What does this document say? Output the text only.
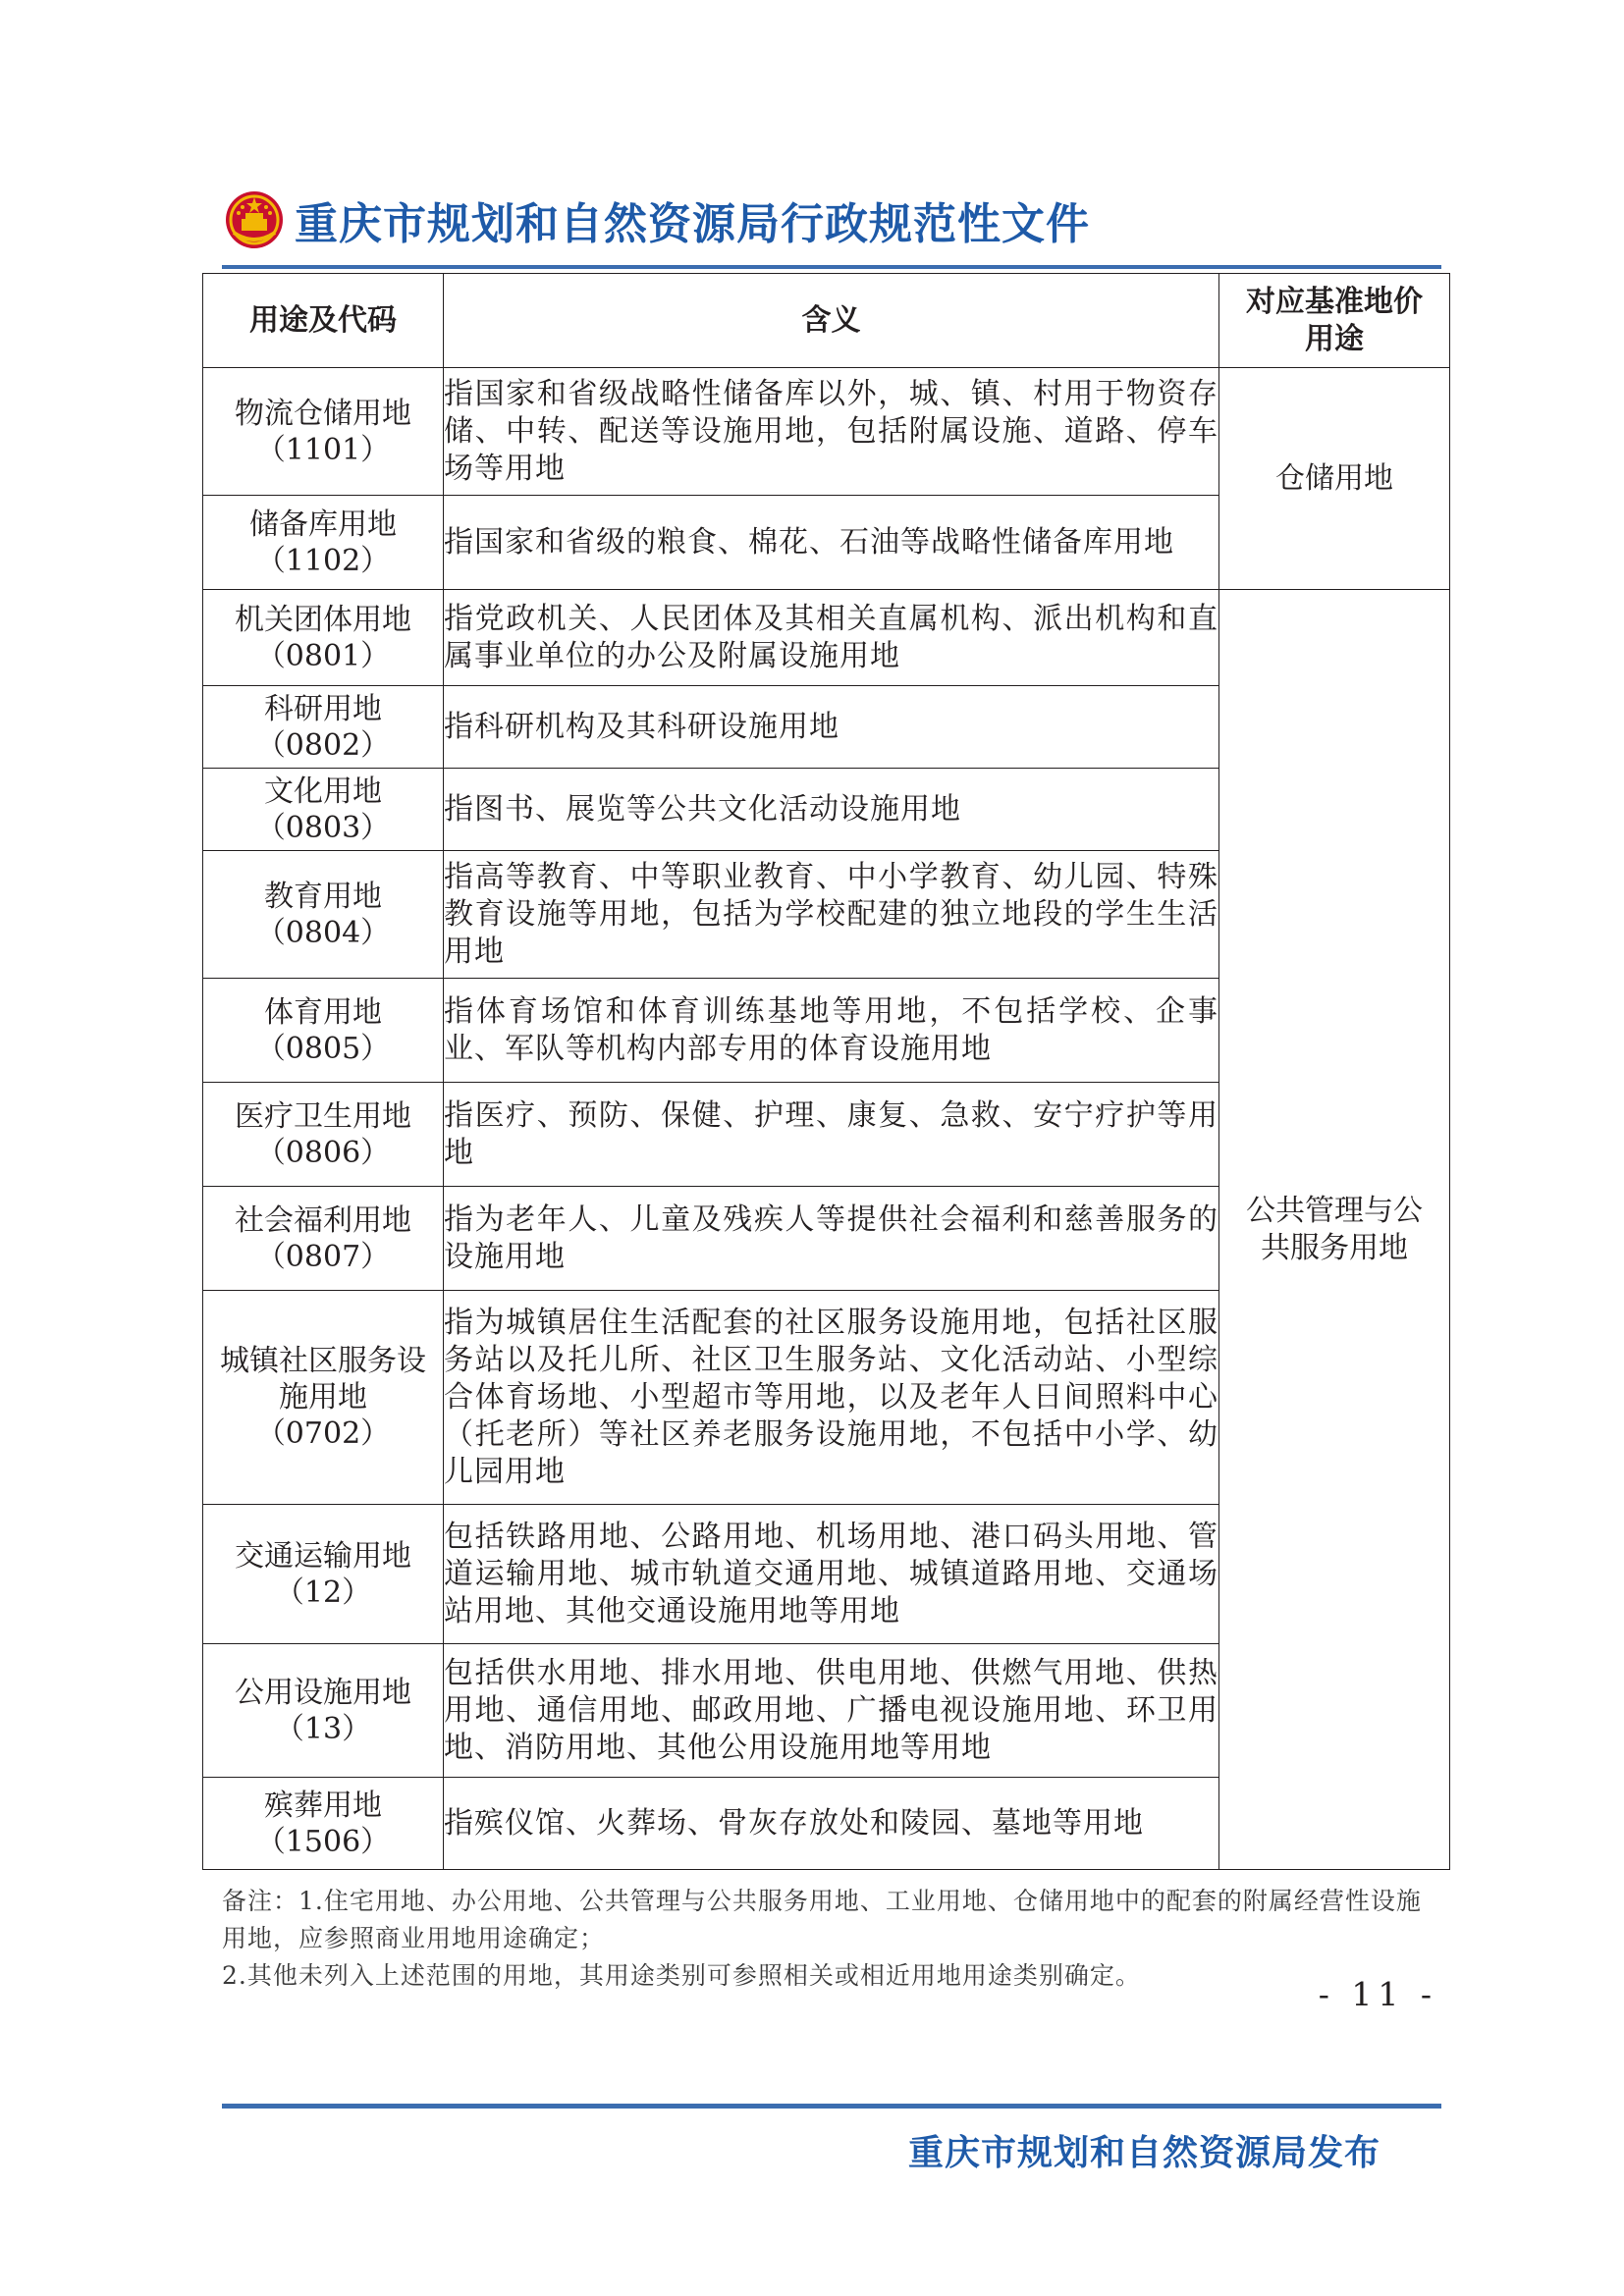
重庆市规划和自然资源局行政规范性文件
用途及代码	含义	对应基准地价用途

物流仓储用地
（1101）	指国家和省级战略性储备库以外，城、镇、村用于物资存储、中转、配送等设施用地，包括附属设施、道路、停车场等用地	仓储用地

储备库用地
（1102）	指国家和省级的粮食、棉花、石油等战略性储备库用地	

机关团体用地
（0801）	指党政机关、人民团体及其相关直属机构、派出机构和直属事业单位的办公及附属设施用地	公共管理与公共服务用地

科研用地
（0802）	指科研机构及其科研设施用地	

文化用地
（0803）	指图书、展览等公共文化活动设施用地	

教育用地
（0804）	指高等教育、中等职业教育、中小学教育、幼儿园、特殊教育设施等用地，包括为学校配建的独立地段的学生生活用地	

体育用地
（0805）	指体育场馆和体育训练基地等用地，不包括学校、企事业、军队等机构内部专用的体育设施用地	

医疗卫生用地
（0806）	指医疗、预防、保健、护理、康复、急救、安宁疗护等用地	

社会福利用地
（0807）	指为老年人、儿童及残疾人等提供社会福利和慈善服务的设施用地	

城镇社区服务设施用地
（0702）	指为城镇居住生活配套的社区服务设施用地，包括社区服务站以及托儿所、社区卫生服务站、文化活动站、小型综合体育场地、小型超市等用地，以及老年人日间照料中心（托老所）等社区养老服务设施用地，不包括中小学、幼儿园用地	

交通运输用地
（12）	包括铁路用地、公路用地、机场用地、港口码头用地、管道运输用地、城市轨道交通用地、城镇道路用地、交通场站用地、其他交通设施用地等用地	

公用设施用地
（13）	包括供水用地、排水用地、供电用地、供燃气用地、供热用地、通信用地、邮政用地、广播电视设施用地、环卫用地、消防用地、其他公用设施用地等用地	

殡葬用地
（1506）	指殡仪馆、火葬场、骨灰存放处和陵园、墓地等用地	

备注：1.住宅用地、办公用地、公共管理与公共服务用地、工业用地、仓储用地中的配套的附属经营性设施用地，应参照商业用地用途确定；

2.其他未列入上述范围的用地，其用途类别可参照相关或相近用地用途类别确定。	- 11 -
重庆市规划和自然资源局发布
